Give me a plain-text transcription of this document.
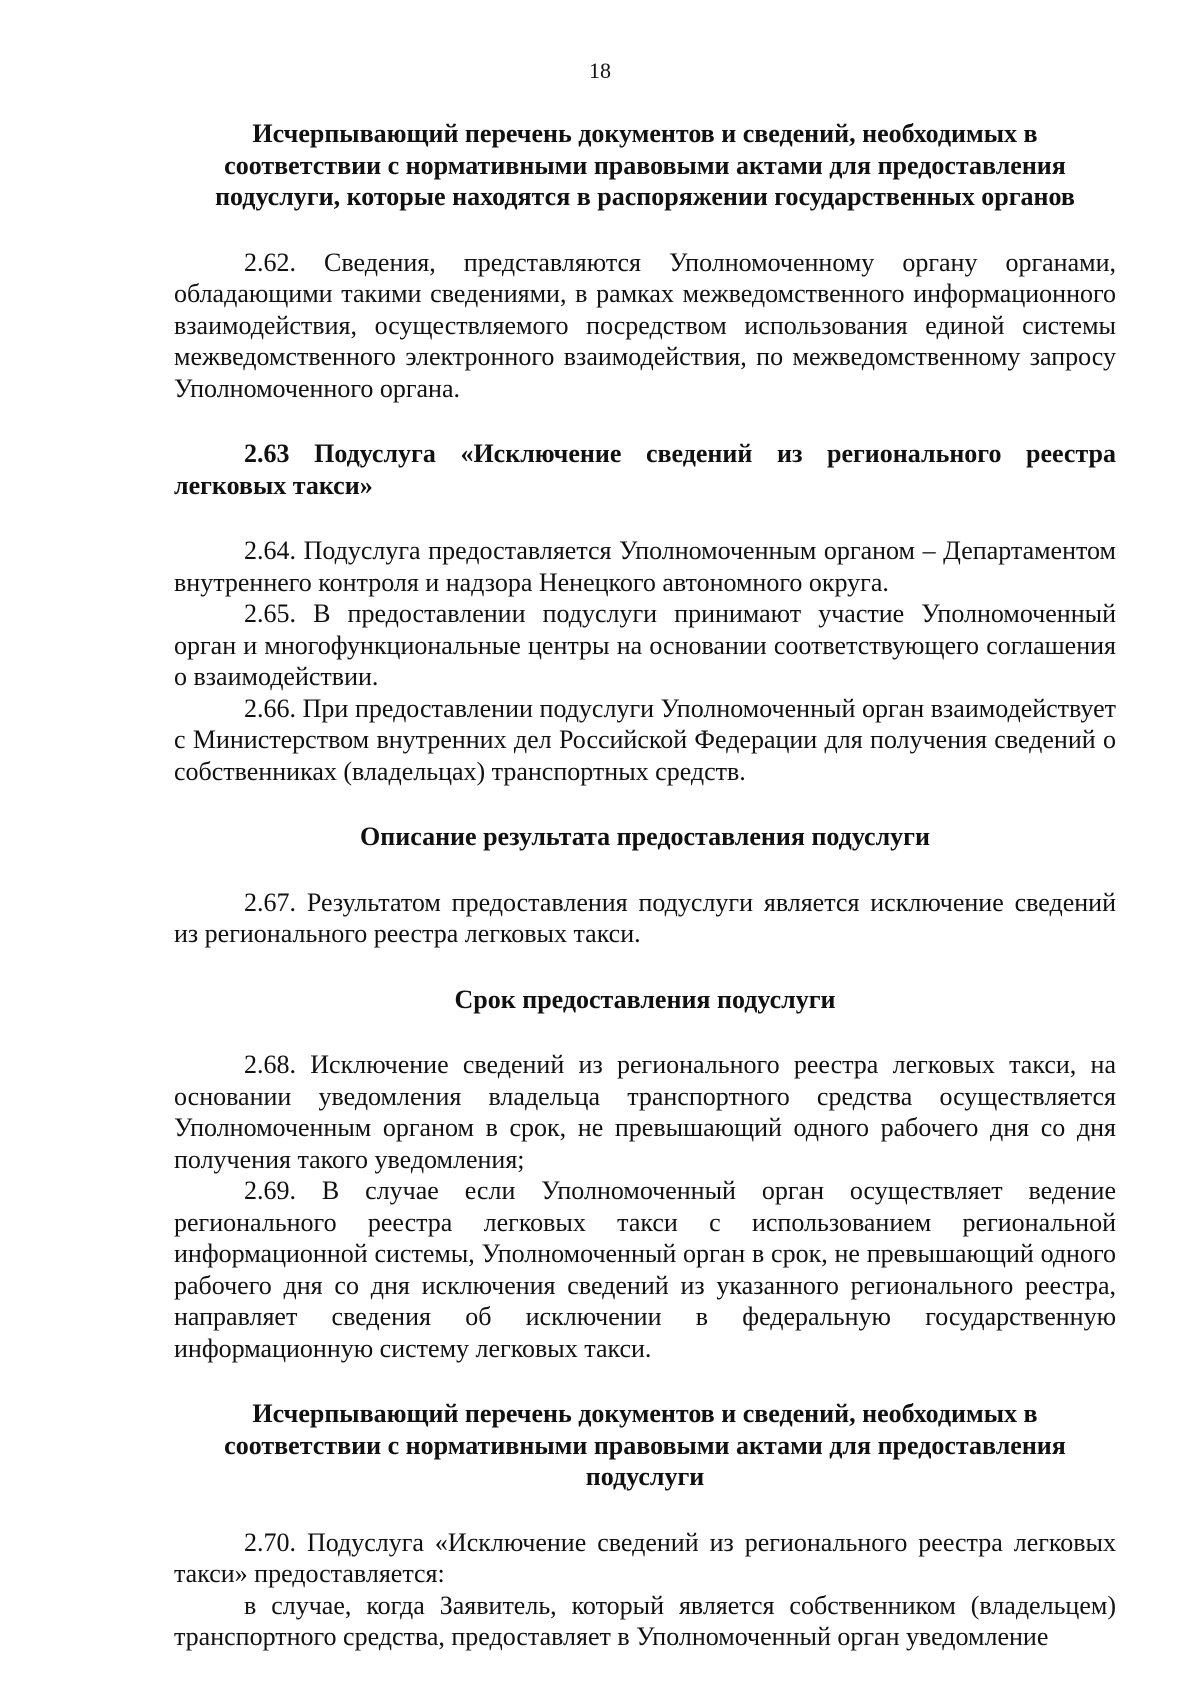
18

Исчерпывающий перечень документов и сведений, необходимых в соответствии с нормативными правовыми актами для предоставления подуслуги, которые находятся в распоряжении государственных органов

2.62. Сведения, представляются Уполномоченному органу органами, обладающими такими сведениями, в рамках межведомственного информационного взаимодействия, осуществляемого посредством использования единой системы межведомственного электронного взаимодействия, по межведомственному запросу Уполномоченного органа.

2.63 Подуслуга «Исключение сведений из регионального реестра легковых такси»

2.64. Подуслуга предоставляется Уполномоченным органом – Департаментом внутреннего контроля и надзора Ненецкого автономного округа.

2.65. В предоставлении подуслуги принимают участие Уполномоченный орган и многофункциональные центры на основании соответствующего соглашения о взаимодействии.

2.66. При предоставлении подуслуги Уполномоченный орган взаимодействует с Министерством внутренних дел Российской Федерации для получения сведений о собственниках (владельцах) транспортных средств.

Описание результата предоставления подуслуги

2.67. Результатом предоставления подуслуги является исключение сведений из регионального реестра легковых такси.

Срок предоставления подуслуги

2.68. Исключение сведений из регионального реестра легковых такси, на основании уведомления владельца транспортного средства осуществляется Уполномоченным органом в срок, не превышающий одного рабочего дня со дня получения такого уведомления;

2.69. В случае если Уполномоченный орган осуществляет ведение регионального реестра легковых такси с использованием региональной информационной системы, Уполномоченный орган в срок, не превышающий одного рабочего дня со дня исключения сведений из указанного регионального реестра, направляет сведения об исключении в федеральную государственную информационную систему легковых такси.

Исчерпывающий перечень документов и сведений, необходимых в соответствии с нормативными правовыми актами для предоставления подуслуги

2.70. Подуслуга «Исключение сведений из регионального реестра легковых такси» предоставляется:

в случае, когда Заявитель, который является собственником (владельцем) транспортного средства, предоставляет в Уполномоченный орган уведомление
